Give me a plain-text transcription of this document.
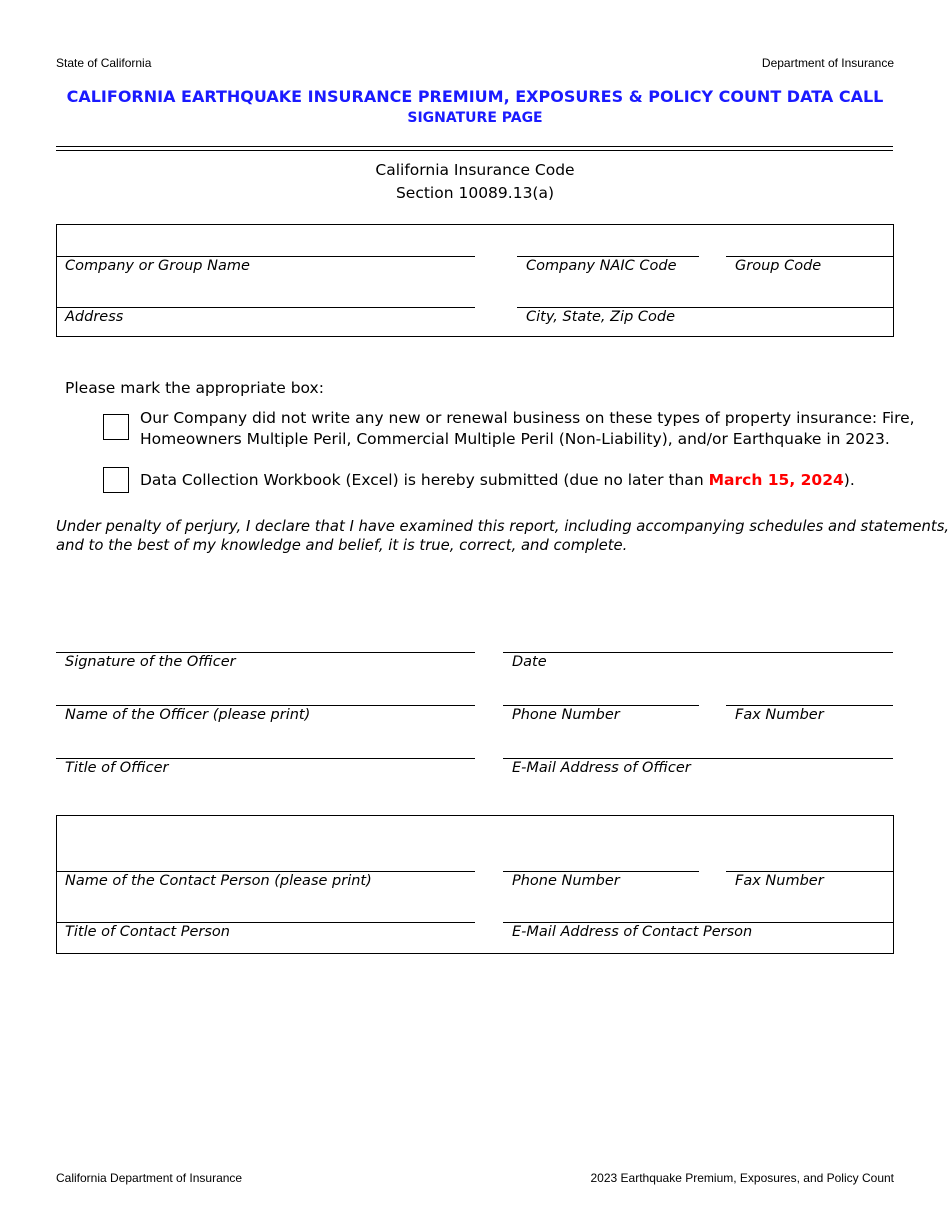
State of California	Department of Insurance
CALIFORNIA EARTHQUAKE INSURANCE PREMIUM, EXPOSURES & POLICY COUNT DATA CALL
SIGNATURE PAGE
California Insurance Code
Section 10089.13(a)
Company or Group Name	Company NAIC Code	Group Code
Address	City, State, Zip Code
Please mark the appropriate box:
Our Company did not write any new or renewal business on these types of property insurance: Fire,
Homeowners Multiple Peril, Commercial Multiple Peril (Non-Liability), and/or Earthquake in 2023.
Data Collection Workbook (Excel) is hereby submitted (due no later than March 15, 2024).
Under penalty of perjury, I declare that I have examined this report, including accompanying schedules and statements,
and to the best of my knowledge and belief, it is true, correct, and complete.
Signature of the Officer	Date
Name of the Officer (please print)	Phone Number	Fax Number
Title of Officer	E-Mail Address of Officer
Name of the Contact Person (please print)	Phone Number	Fax Number
Title of Contact Person	E-Mail Address of Contact Person
California Department of Insurance	2023 Earthquake Premium, Exposures, and Policy Count
